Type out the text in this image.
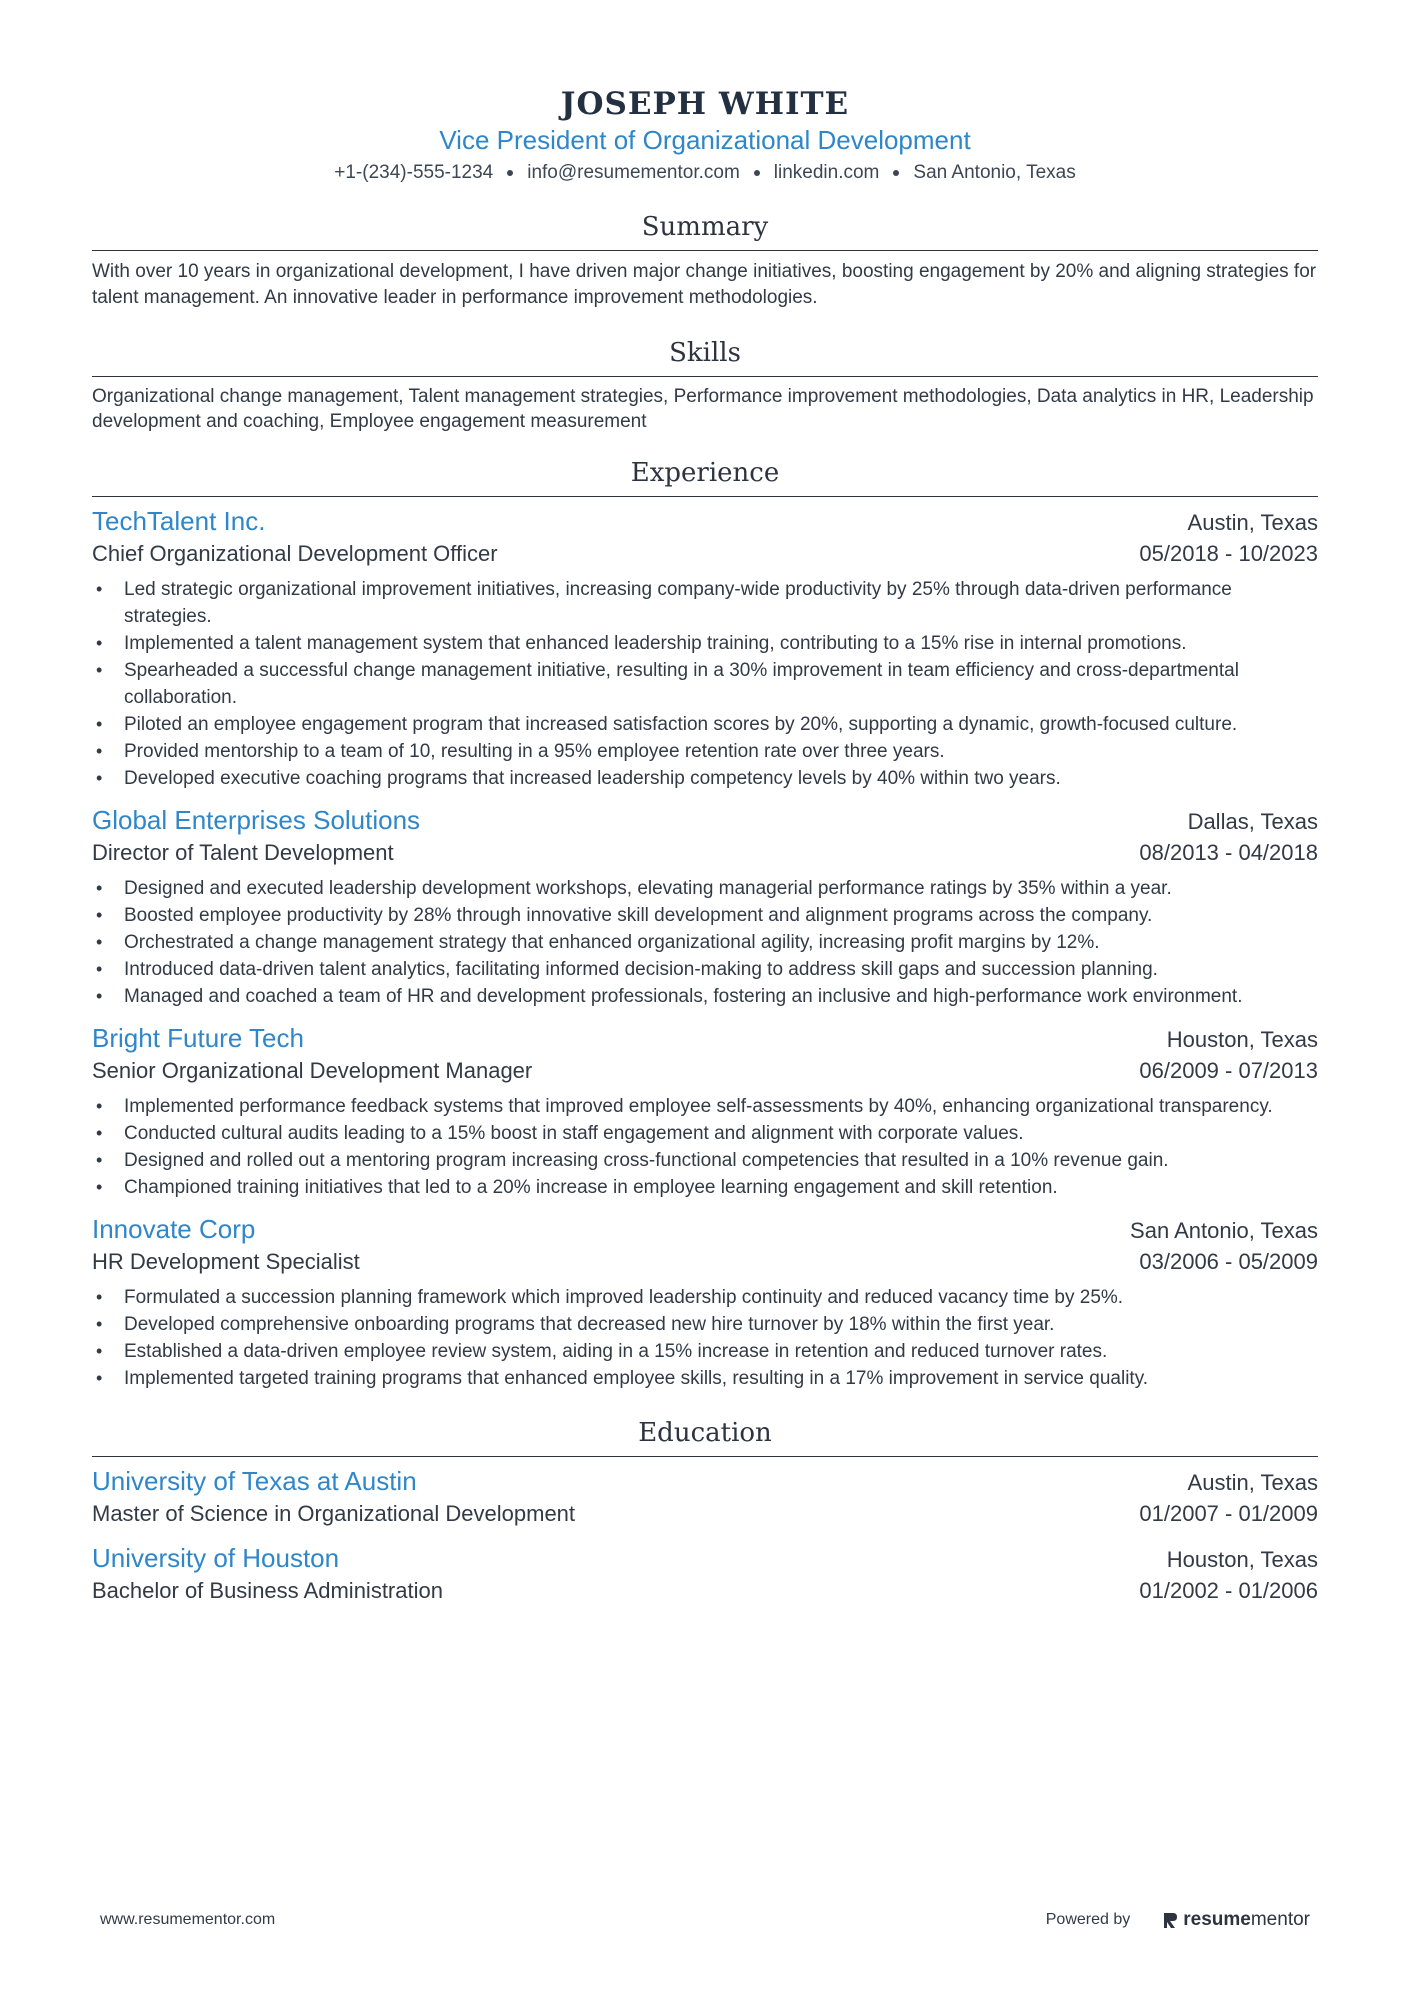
JOSEPH WHITE
Vice President of Organizational Development
+1-(234)-555-1234 info@resumementor.com linkedin.com San Antonio, Texas
Summary
With over 10 years in organizational development, I have driven major change initiatives, boosting engagement by 20% and aligning strategies for talent management. An innovative leader in performance improvement methodologies.
Skills
Organizational change management, Talent management strategies, Performance improvement methodologies, Data analytics in HR, Leadership development and coaching, Employee engagement measurement
Experience
TechTalent Inc.	Austin, Texas
Chief Organizational Development Officer	05/2018 - 10/2023
• Led strategic organizational improvement initiatives, increasing company-wide productivity by 25% through data-driven performance strategies.
• Implemented a talent management system that enhanced leadership training, contributing to a 15% rise in internal promotions.
• Spearheaded a successful change management initiative, resulting in a 30% improvement in team efficiency and cross-departmental collaboration.
• Piloted an employee engagement program that increased satisfaction scores by 20%, supporting a dynamic, growth-focused culture.
• Provided mentorship to a team of 10, resulting in a 95% employee retention rate over three years.
• Developed executive coaching programs that increased leadership competency levels by 40% within two years.
Global Enterprises Solutions	Dallas, Texas
Director of Talent Development	08/2013 - 04/2018
• Designed and executed leadership development workshops, elevating managerial performance ratings by 35% within a year.
• Boosted employee productivity by 28% through innovative skill development and alignment programs across the company.
• Orchestrated a change management strategy that enhanced organizational agility, increasing profit margins by 12%.
• Introduced data-driven talent analytics, facilitating informed decision-making to address skill gaps and succession planning.
• Managed and coached a team of HR and development professionals, fostering an inclusive and high-performance work environment.
Bright Future Tech	Houston, Texas
Senior Organizational Development Manager	06/2009 - 07/2013
• Implemented performance feedback systems that improved employee self-assessments by 40%, enhancing organizational transparency.
• Conducted cultural audits leading to a 15% boost in staff engagement and alignment with corporate values.
• Designed and rolled out a mentoring program increasing cross-functional competencies that resulted in a 10% revenue gain.
• Championed training initiatives that led to a 20% increase in employee learning engagement and skill retention.
Innovate Corp	San Antonio, Texas
HR Development Specialist	03/2006 - 05/2009
• Formulated a succession planning framework which improved leadership continuity and reduced vacancy time by 25%.
• Developed comprehensive onboarding programs that decreased new hire turnover by 18% within the first year.
• Established a data-driven employee review system, aiding in a 15% increase in retention and reduced turnover rates.
• Implemented targeted training programs that enhanced employee skills, resulting in a 17% improvement in service quality.
Education
University of Texas at Austin	Austin, Texas
Master of Science in Organizational Development	01/2007 - 01/2009
University of Houston	Houston, Texas
Bachelor of Business Administration	01/2002 - 01/2006
www.resumementor.com	Powered by	resume mentor
